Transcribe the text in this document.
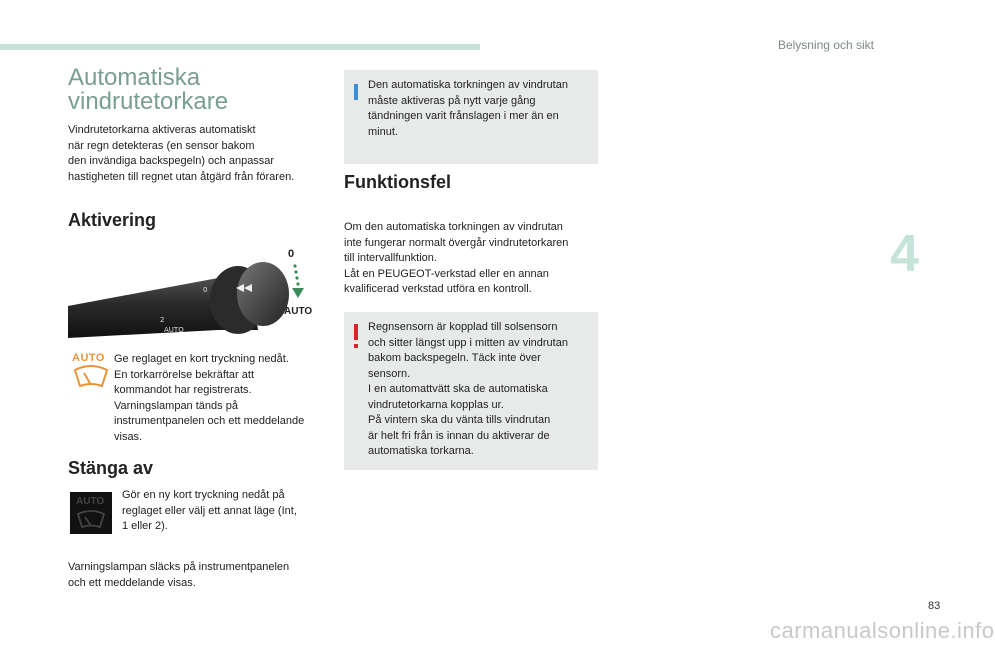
Belysning och sikt
4
Automatiska
vindrutetorkare

Vindrutetorkarna aktiveras automatiskt

när regn detekteras (en sensor bakom

den invändiga backspegeln) och anpassar

hastigheten till regnet utan åtgärd från föraren.

Aktivering
2
AUTO
0
0
AUTO
AUTO Ge reglaget en kort tryckning nedåt.

En torkarrörelse bekräftar att

kommandot har registrerats.

Varningslampan tänds på

instrumentpanelen och ett meddelande

visas.

Stänga av
AUTO

Gör en ny kort tryckning nedåt på

reglaget eller välj ett annat läge (Int,

1 eller 2).

Varningslampan släcks på instrumentpanelen

och ett meddelande visas.

Den automatiska torkningen av vindrutan
måste aktiveras på nytt varje gång
tändningen varit frånslagen i mer än en
minut.
Funktionsfel

Om den automatiska torkningen av vindrutan

inte fungerar normalt övergår vindrutetorkaren

till intervallfunktion.

Låt en PEUGEOT-verkstad eller en annan

kvalificerad verkstad utföra en kontroll.

Regnsensorn är kopplad till solsensorn
och sitter längst upp i mitten av vindrutan
bakom backspegeln. Täck inte över
sensorn.
I en automattvätt ska de automatiska
vindrutetorkarna kopplas ur.
På vintern ska du vänta tills vindrutan
är helt fri från is innan du aktiverar de
automatiska torkarna.
83
carmanualsonline.info
